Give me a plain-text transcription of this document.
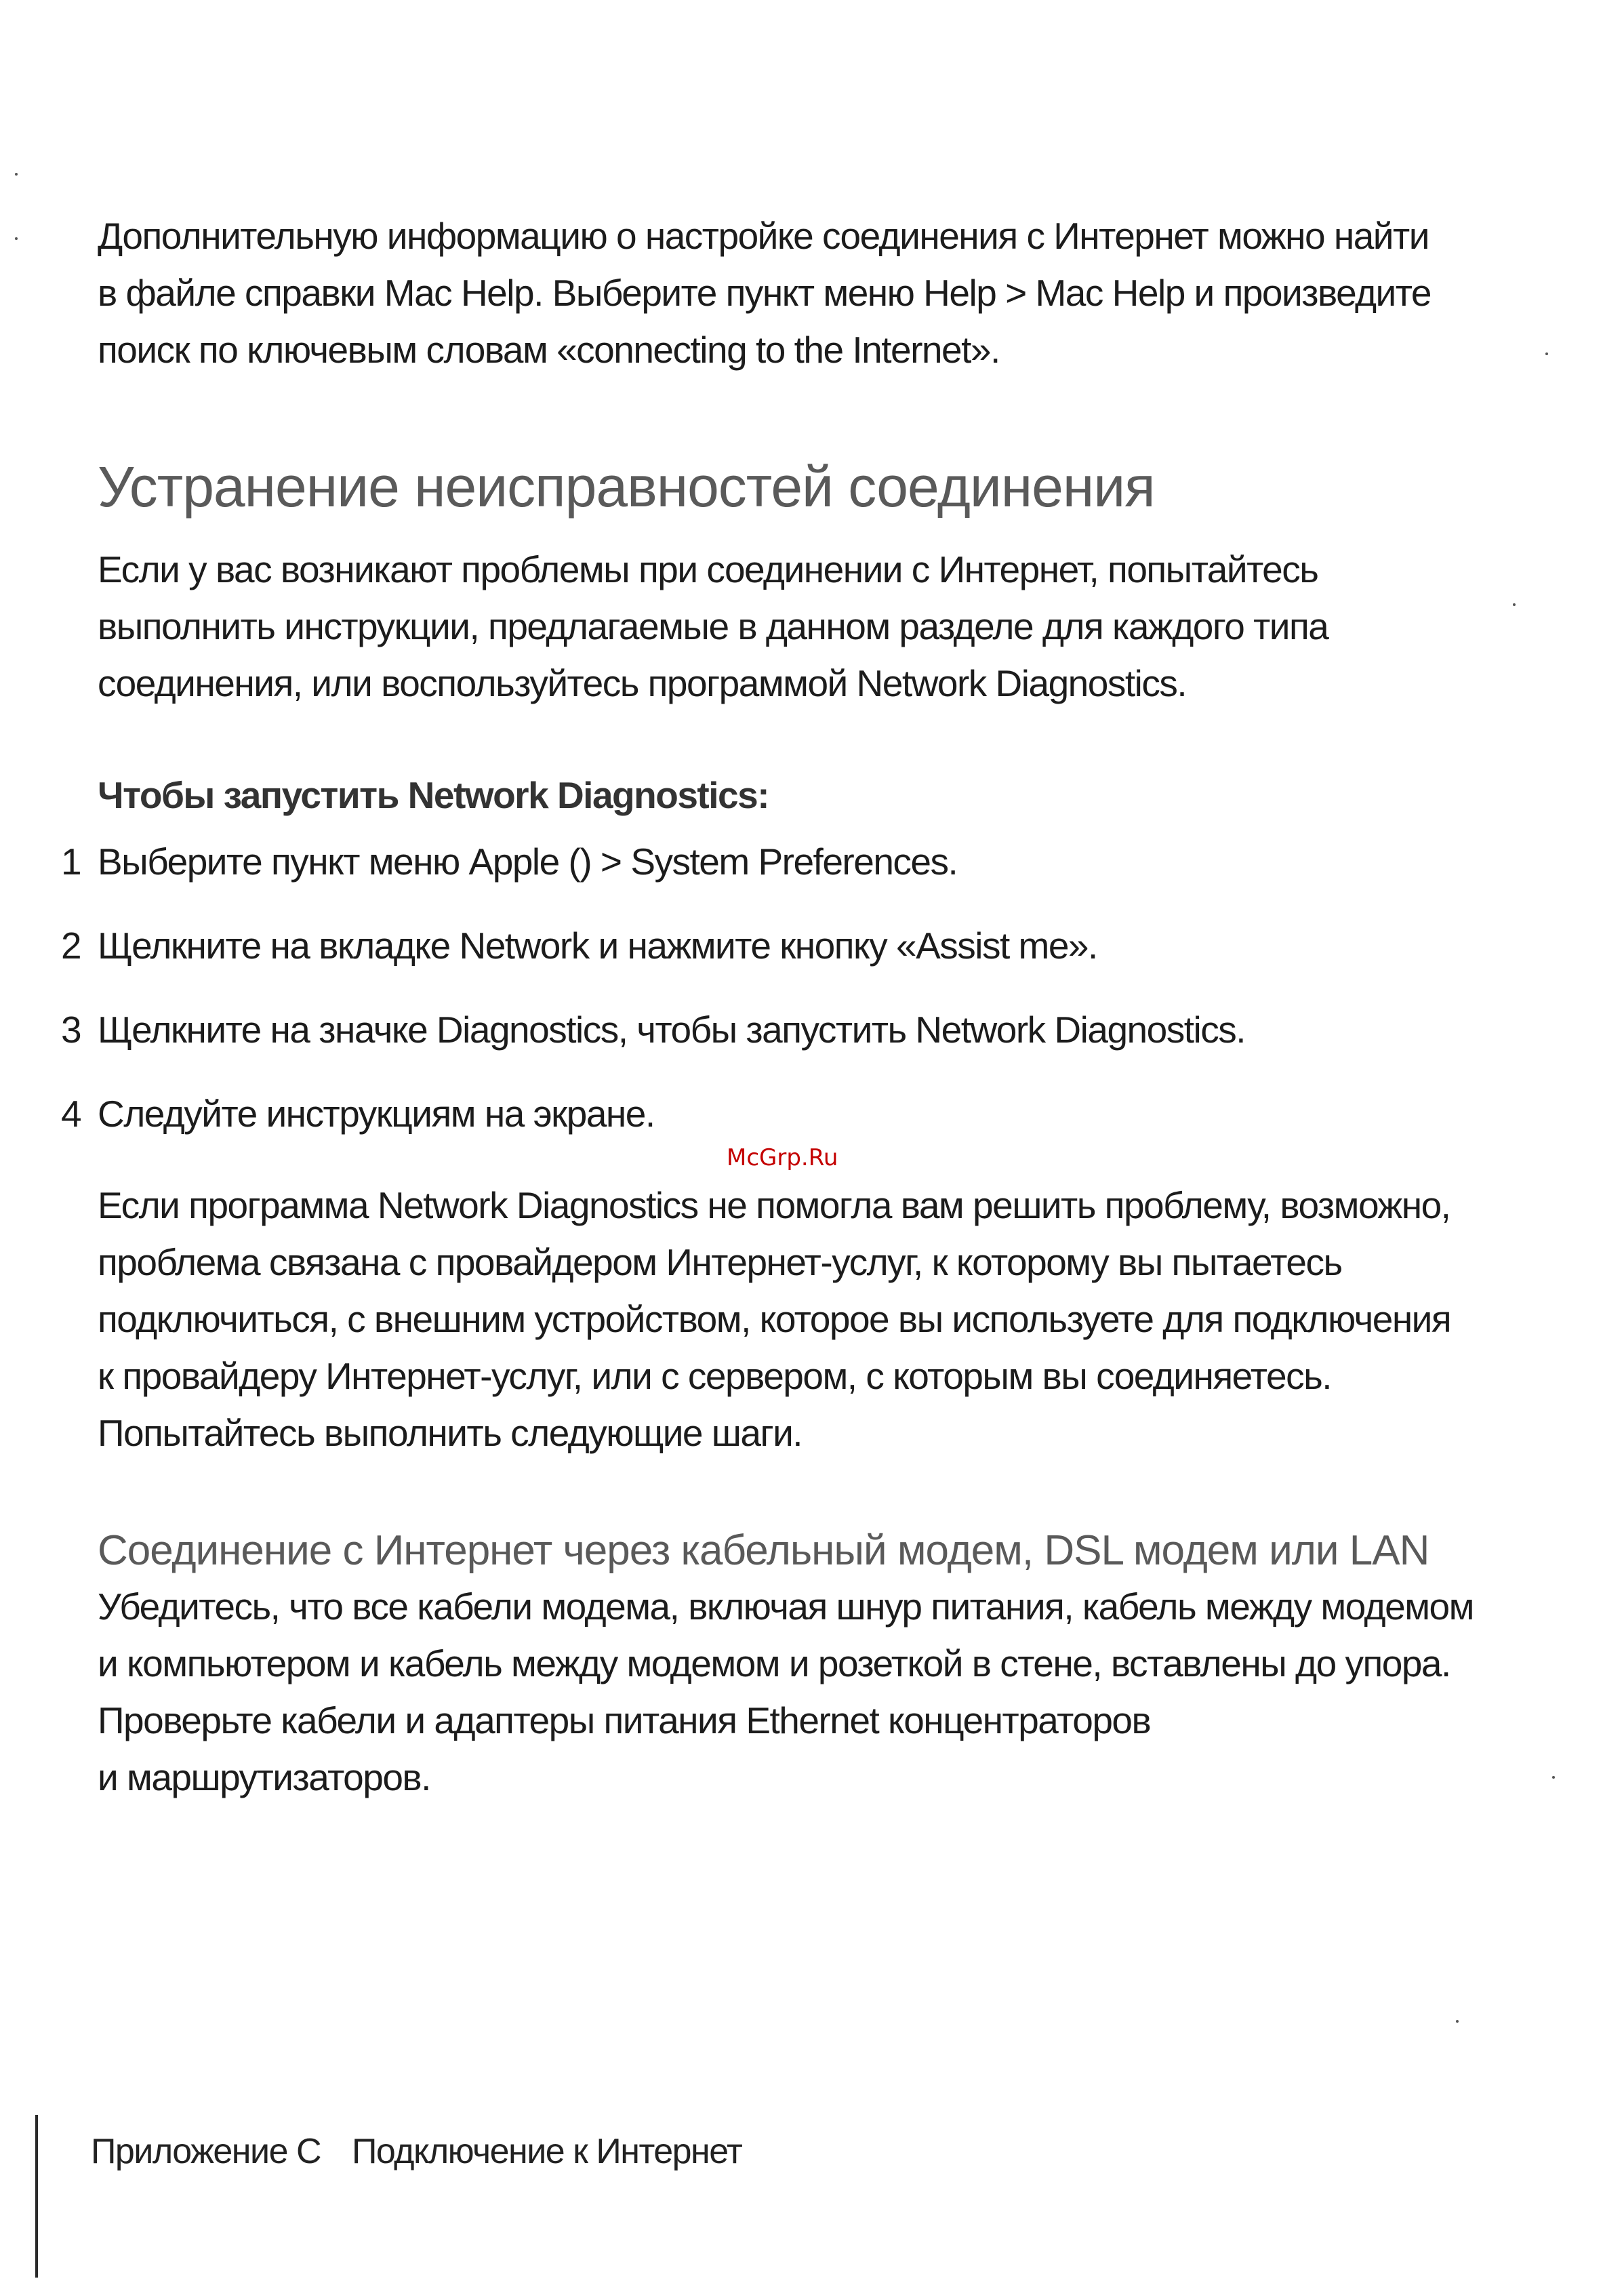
Дополнительную информацию о настройке соединения с Интернет можно найти
в файле справки Mac Help. Выберите пункт меню Help > Mac Help и произведите
поиск по ключевым словам «connecting to the Internet».

Устранение неисправностей соединения

Если у вас возникают проблемы при соединении с Интернет, попытайтесь
выполнить инструкции, предлагаемые в данном разделе для каждого типа
соединения, или воспользуйтесь программой Network Diagnostics.

Чтобы запустить Network Diagnostics:

1 Выберите пункт меню Apple () > System Preferences.
2 Щелкните на вкладке Network и нажмите кнопку «Assist me».
3 Щелкните на значке Diagnostics, чтобы запустить Network Diagnostics.
4 Следуйте инструкциям на экране.
McGrp.Ru

Если программа Network Diagnostics не помогла вам решить проблему, возможно,
проблема связана с провайдером Интернет-услуг, к которому вы пытаетесь
подключиться, с внешним устройством, которое вы используете для подключения
к провайдеру Интернет-услуг, или с сервером, с которым вы соединяетесь.
Попытайтесь выполнить следующие шаги.

Соединение с Интернет через кабельный модем, DSL модем или LAN

Убедитесь, что все кабели модема, включая шнур питания, кабель между модемом
и компьютером и кабель между модемом и розеткой в стене, вставлены до упора.
Проверьте кабели и адаптеры питания Ethernet концентраторов
и маршрутизаторов.

Приложение С Подключение к Интернет
